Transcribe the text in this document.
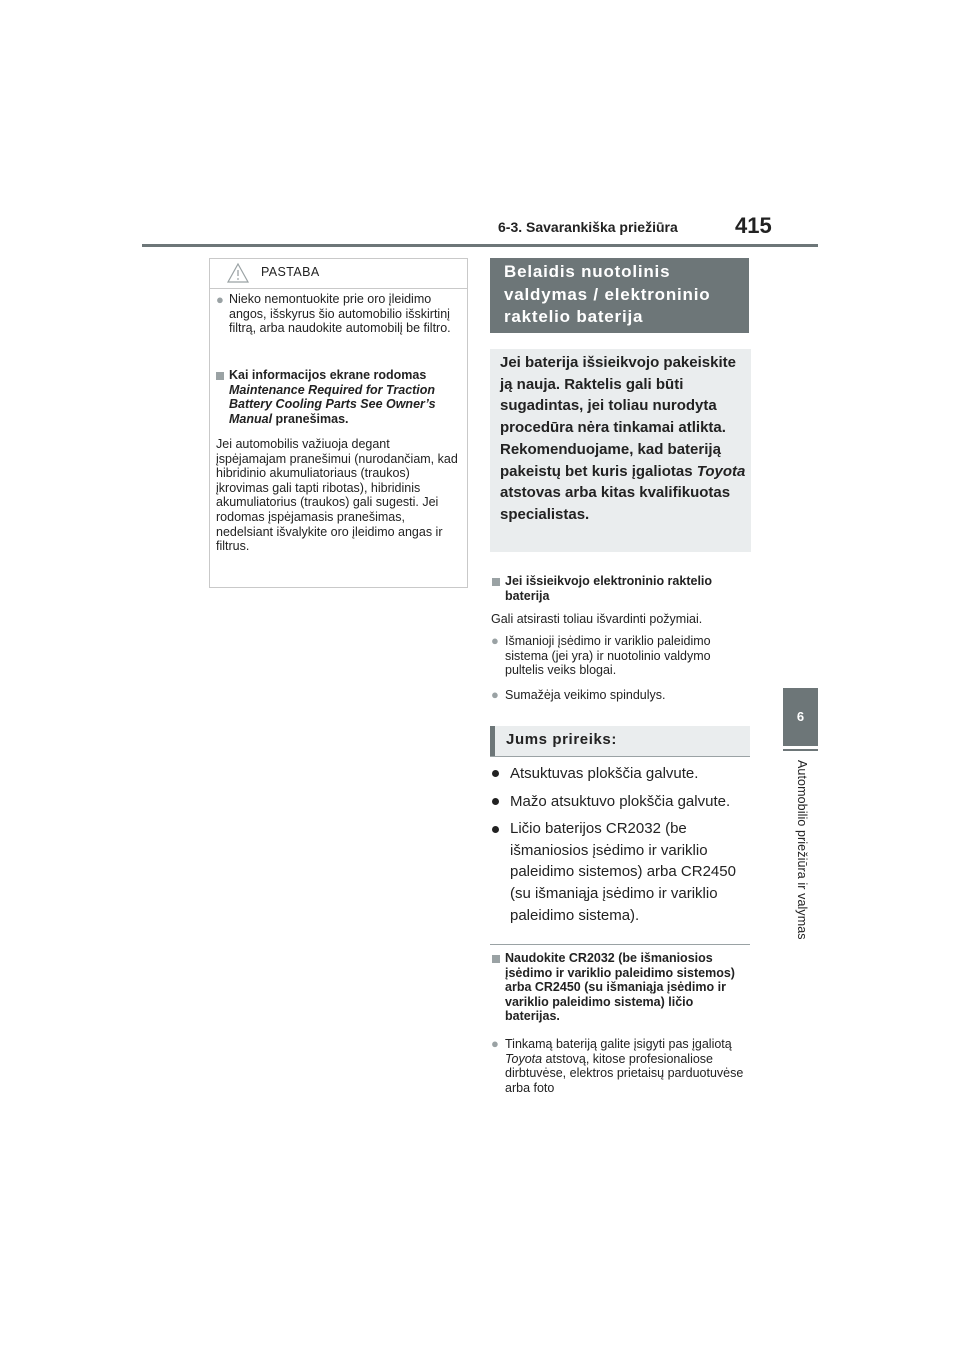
6-3. Savarankiška priežiūra	415
6
Automobilio priežiūra ir valymas
PASTABA
● Nieko nemontuokite prie oro įleidimo angos, išskyrus šio automobilio išskirtinį filtrą, arba naudokite automobilį be filtro.
Kai informacijos ekrane rodomas
Maintenance Required for Traction Battery Cooling Parts See Owner’s Manual pranešimas.
Jei automobilis važiuoja degant įspėjamajam pranešimui (nurodančiam, kad hibridinio akumuliatoriaus (traukos) įkrovimas gali tapti ribotas), hibridinis akumuliatorius (traukos) gali sugesti. Jei rodomas įspėjamasis pranešimas, nedelsiant išvalykite oro įleidimo angas ir filtrus.
Belaidis nuotolinis valdymas / elektroninio raktelio baterija
Jei baterija išsieikvojo pakeiskite ją nauja. Raktelis gali būti sugadintas, jei toliau nurodyta procedūra nėra tinkamai atlikta. Rekomenduojame, kad bateriją pakeistų bet kuris įgaliotas Toyota atstovas arba kitas kvalifikuotas specialistas.
Jei išsieikvojo elektroninio raktelio baterija
Gali atsirasti toliau išvardinti požymiai.
● Išmanioji įsėdimo ir variklio paleidimo sistema (jei yra) ir nuotolinio valdymo pultelis veiks blogai.
● Sumažėja veikimo spindulys.
Jums prireiks:
Atsuktuvas plokščia galvute.
Mažo atsuktuvo plokščia galvute.
Ličio baterijos CR2032 (be išmaniosios įsėdimo ir variklio paleidimo sistemos) arba CR2450 (su išmaniąja įsėdimo ir variklio paleidimo sistema).
Naudokite CR2032 (be išmaniosios įsėdimo ir variklio paleidimo sistemos) arba CR2450 (su išmaniąja įsėdimo ir variklio paleidimo sistema) ličio baterijas.
● Tinkamą bateriją galite įsigyti pas įgaliotą Toyota atstovą, kitose profesionaliose dirbtuvėse, elektros prietaisų parduotuvėse arba foto
